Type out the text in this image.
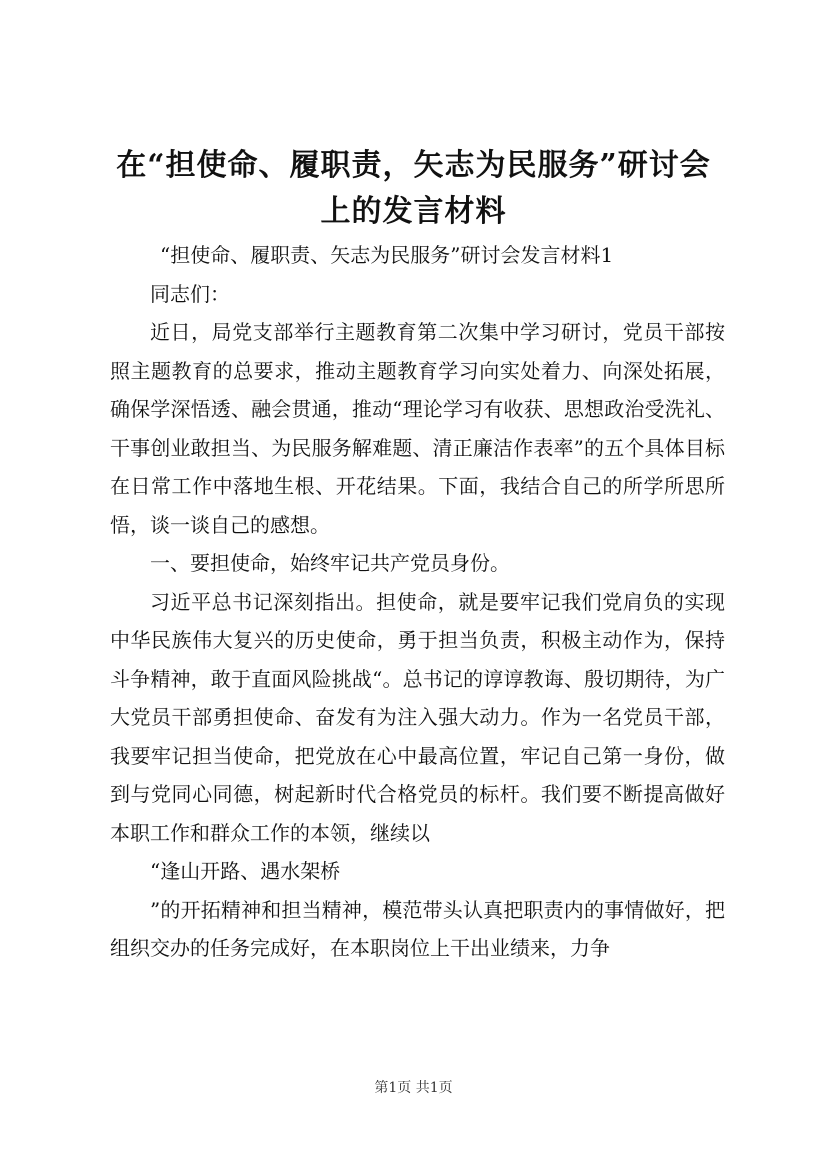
在“担使命、履职责，矢志为民服务”研讨会
上的发言材料

“担使命、履职责、矢志为民服务”研讨会发言材料1

同志们：

近日，局党支部举行主题教育第二次集中学习研讨，党员干部按照主题教育的总要求，推动主题教育学习向实处着力、向深处拓展，确保学深悟透、融会贯通，推动“理论学习有收获、思想政治受洗礼、干事创业敢担当、为民服务解难题、清正廉洁作表率”的五个具体目标在日常工作中落地生根、开花结果。下面，我结合自己的所学所思所悟，谈一谈自己的感想。

一、要担使命，始终牢记共产党员身份。

习近平总书记深刻指出。担使命，就是要牢记我们党肩负的实现中华民族伟大复兴的历史使命，勇于担当负责，积极主动作为，保持斗争精神，敢于直面风险挑战“。总书记的谆谆教诲、殷切期待，为广大党员干部勇担使命、奋发有为注入强大动力。作为一名党员干部，我要牢记担当使命，把党放在心中最高位置，牢记自己第一身份，做到与党同心同德，树起新时代合格党员的标杆。我们要不断提高做好本职工作和群众工作的本领，继续以

“逢山开路、遇水架桥

”的开拓精神和担当精神，模范带头认真把职责内的事情做好，把组织交办的任务完成好，在本职岗位上干出业绩来，力争

第1页 共1页
